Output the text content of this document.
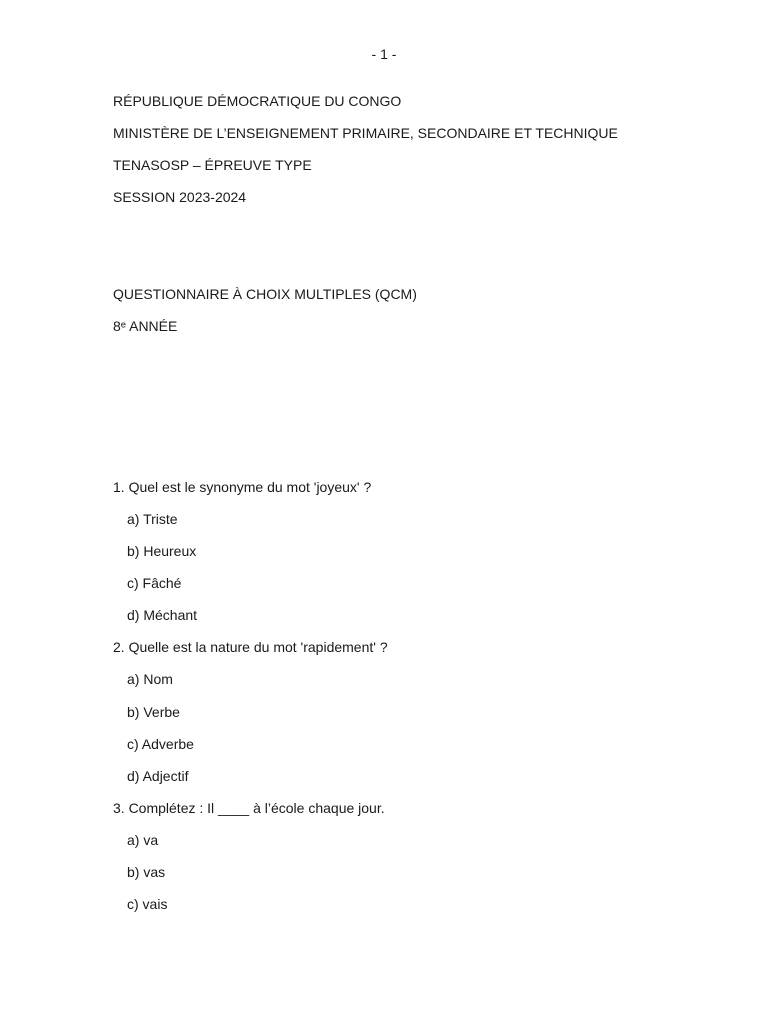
- 1 -
RÉPUBLIQUE DÉMOCRATIQUE DU CONGO
MINISTÈRE DE L’ENSEIGNEMENT PRIMAIRE, SECONDAIRE ET TECHNIQUE
TENASOSP – ÉPREUVE TYPE
SESSION 2023-2024
QUESTIONNAIRE À CHOIX MULTIPLES (QCM)
8ᵉ ANNÉE
1. Quel est le synonyme du mot 'joyeux' ?
a) Triste
b) Heureux
c) Fâché
d) Méchant
2. Quelle est la nature du mot 'rapidement' ?
a) Nom
b) Verbe
c) Adverbe
d) Adjectif
3. Complétez : Il ____ à l’école chaque jour.
a) va
b) vas
c) vais
